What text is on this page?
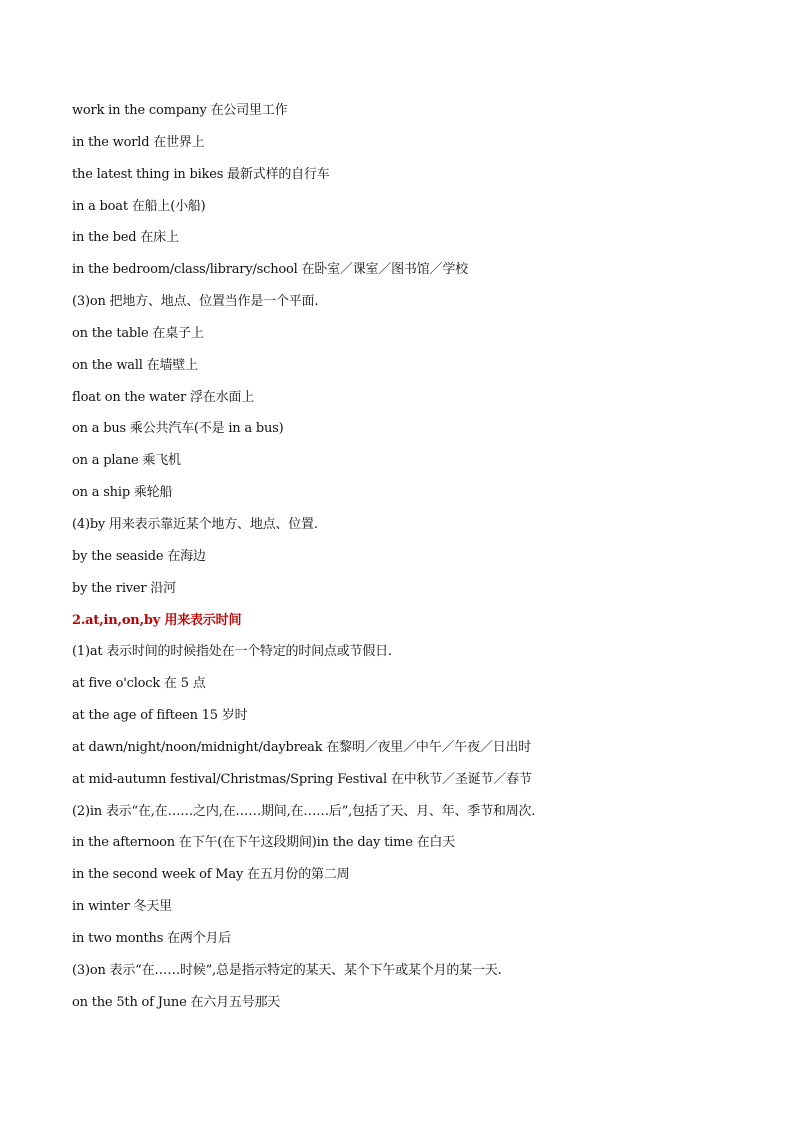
work in the company 在公司里工作
in the world 在世界上
the latest thing in bikes 最新式样的自行车
in a boat 在船上(小船)
in the bed 在床上
in the bedroom/class/library/school 在卧室／课室／图书馆／学校
(3)on 把地方、地点、位置当作是一个平面.
on the table 在桌子上
on the wall 在墙壁上
float on the water 浮在水面上
on a bus 乘公共汽车(不是 in a bus)
on a plane 乘飞机
on a ship 乘轮船
(4)by 用来表示靠近某个地方、地点、位置.
by the seaside 在海边
by the river 沿河
2.at,in,on,by 用来表示时间
(1)at 表示时间的时候指处在一个特定的时间点或节假日.
at five o'clock 在 5 点
at the age of fifteen 15 岁时
at dawn/night/noon/midnight/daybreak 在黎明／夜里／中午／午夜／日出时
at mid-autumn festival/Christmas/Spring Festival 在中秋节／圣诞节／春节
(2)in 表示“在,在……之内,在……期间,在……后”,包括了天、月、年、季节和周次.
in the afternoon 在下午(在下午这段期间)in the day time 在白天
in the second week of May 在五月份的第二周
in winter 冬天里
in two months 在两个月后
(3)on 表示“在……时候”,总是指示特定的某天、某个下午或某个月的某一天.
on the 5th of June 在六月五号那天
